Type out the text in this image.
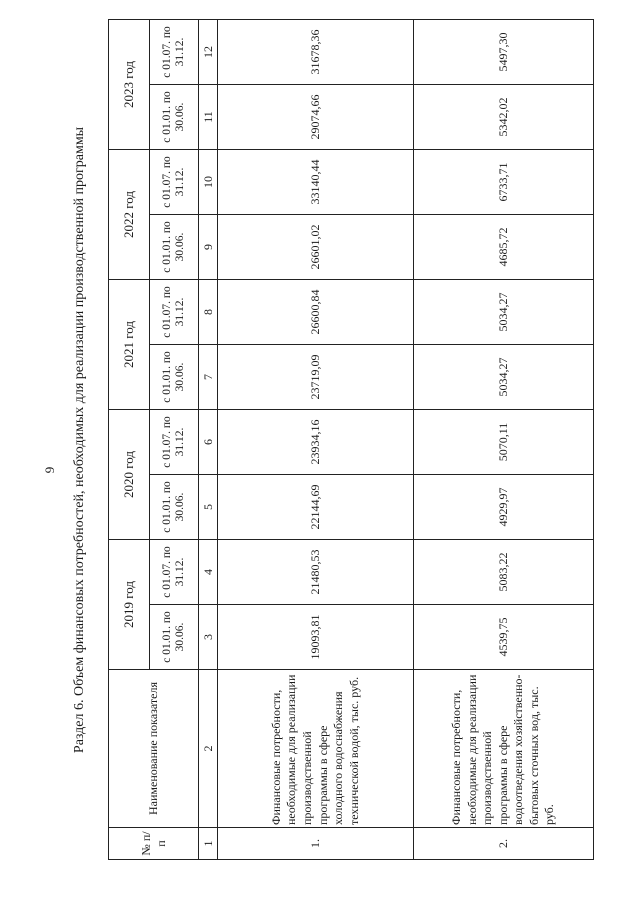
9 Раздел 6. Объем финансовых потребностей, необходимых для реализации производственной программы
№ п/п	Наименование показателя	2019 год		2020 год		2021 год		2022 год		2023 год	
		с 01.01. по 30.06.	с 01.07. по 31.12.	с 01.01. по 30.06.	с 01.07. по 31.12.	с 01.01. по 30.06.	с 01.07. по 31.12.	с 01.01. по 30.06.	с 01.07. по 31.12.	с 01.01. по 30.06.	с 01.07. по 31.12.
1	2	3	4	5	6	7	8	9	10	11	12
1.	Финансовые потребности, необходимые для реализации производственной программы в сфере холодного водоснабжения технической водой, тыс. руб.	19093,81	21480,53	22144,69	23934,16	23719,09	26600,84	26601,02	33140,44	29074,66	31678,36
2.	Финансовые потребности, необходимые для реализации производственной программы в сфере водоотведения хозяйственно-бытовых сточных вод, тыс. руб.	4539,75	5083,22	4929,97	5070,11	5034,27	5034,27	4685,72	6733,71	5342,02	5497,30
